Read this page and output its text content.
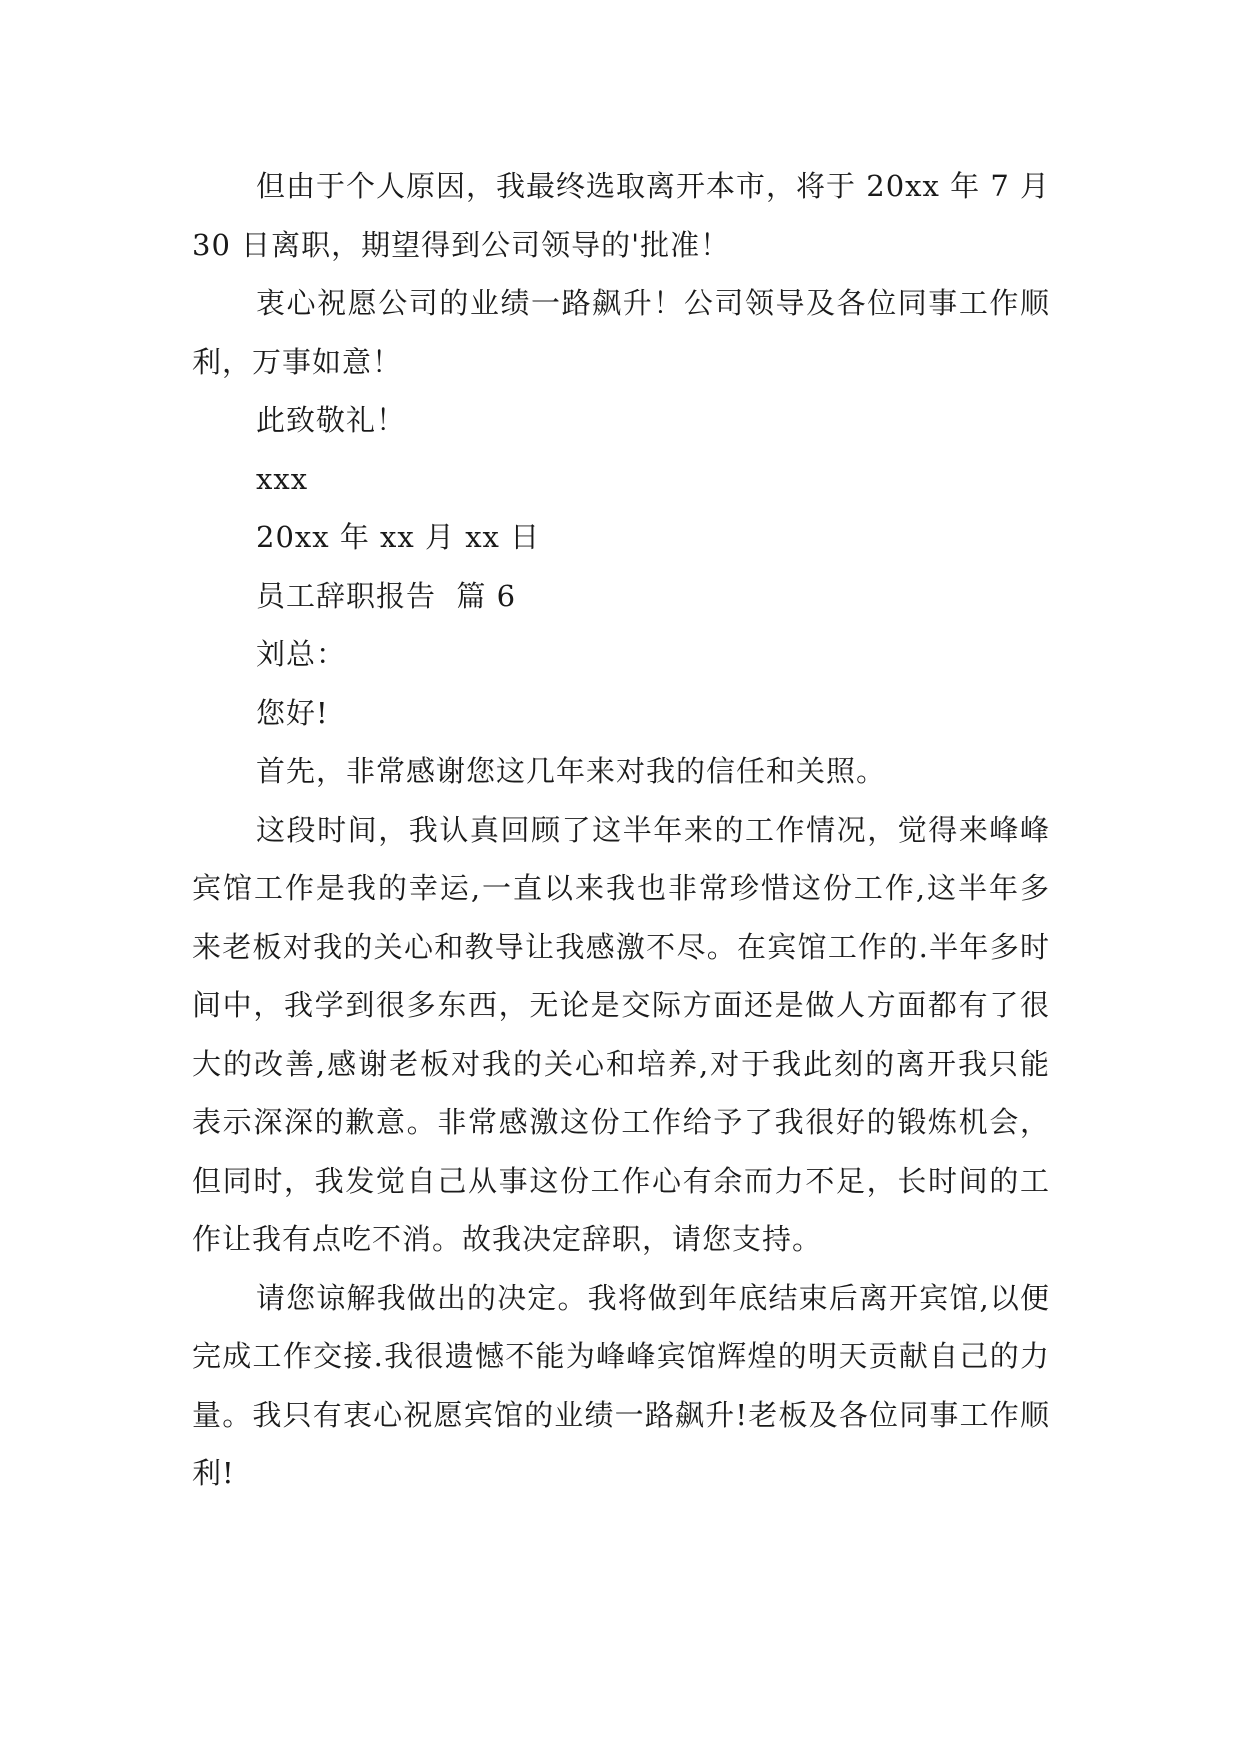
但由于个人原因，我最终选取离开本市，将于 20xx 年 7 月 30 日离职，期望得到公司领导的'批准！

衷心祝愿公司的业绩一路飙升！公司领导及各位同事工作顺利，万事如意！

此致敬礼！

xxx

20xx 年 xx 月 xx 日

员工辞职报告  篇 6

刘总：

您好!

首先，非常感谢您这几年来对我的信任和关照。

这段时间，我认真回顾了这半年来的工作情况，觉得来峰峰宾馆工作是我的幸运,一直以来我也非常珍惜这份工作,这半年多来老板对我的关心和教导让我感激不尽。在宾馆工作的.半年多时间中，我学到很多东西，无论是交际方面还是做人方面都有了很大的改善,感谢老板对我的关心和培养,对于我此刻的离开我只能表示深深的歉意。非常感激这份工作给予了我很好的锻炼机会，但同时，我发觉自己从事这份工作心有余而力不足，长时间的工作让我有点吃不消。故我决定辞职，请您支持。

请您谅解我做出的决定。我将做到年底结束后离开宾馆,以便完成工作交接.我很遗憾不能为峰峰宾馆辉煌的明天贡献自己的力量。我只有衷心祝愿宾馆的业绩一路飙升!老板及各位同事工作顺利!
